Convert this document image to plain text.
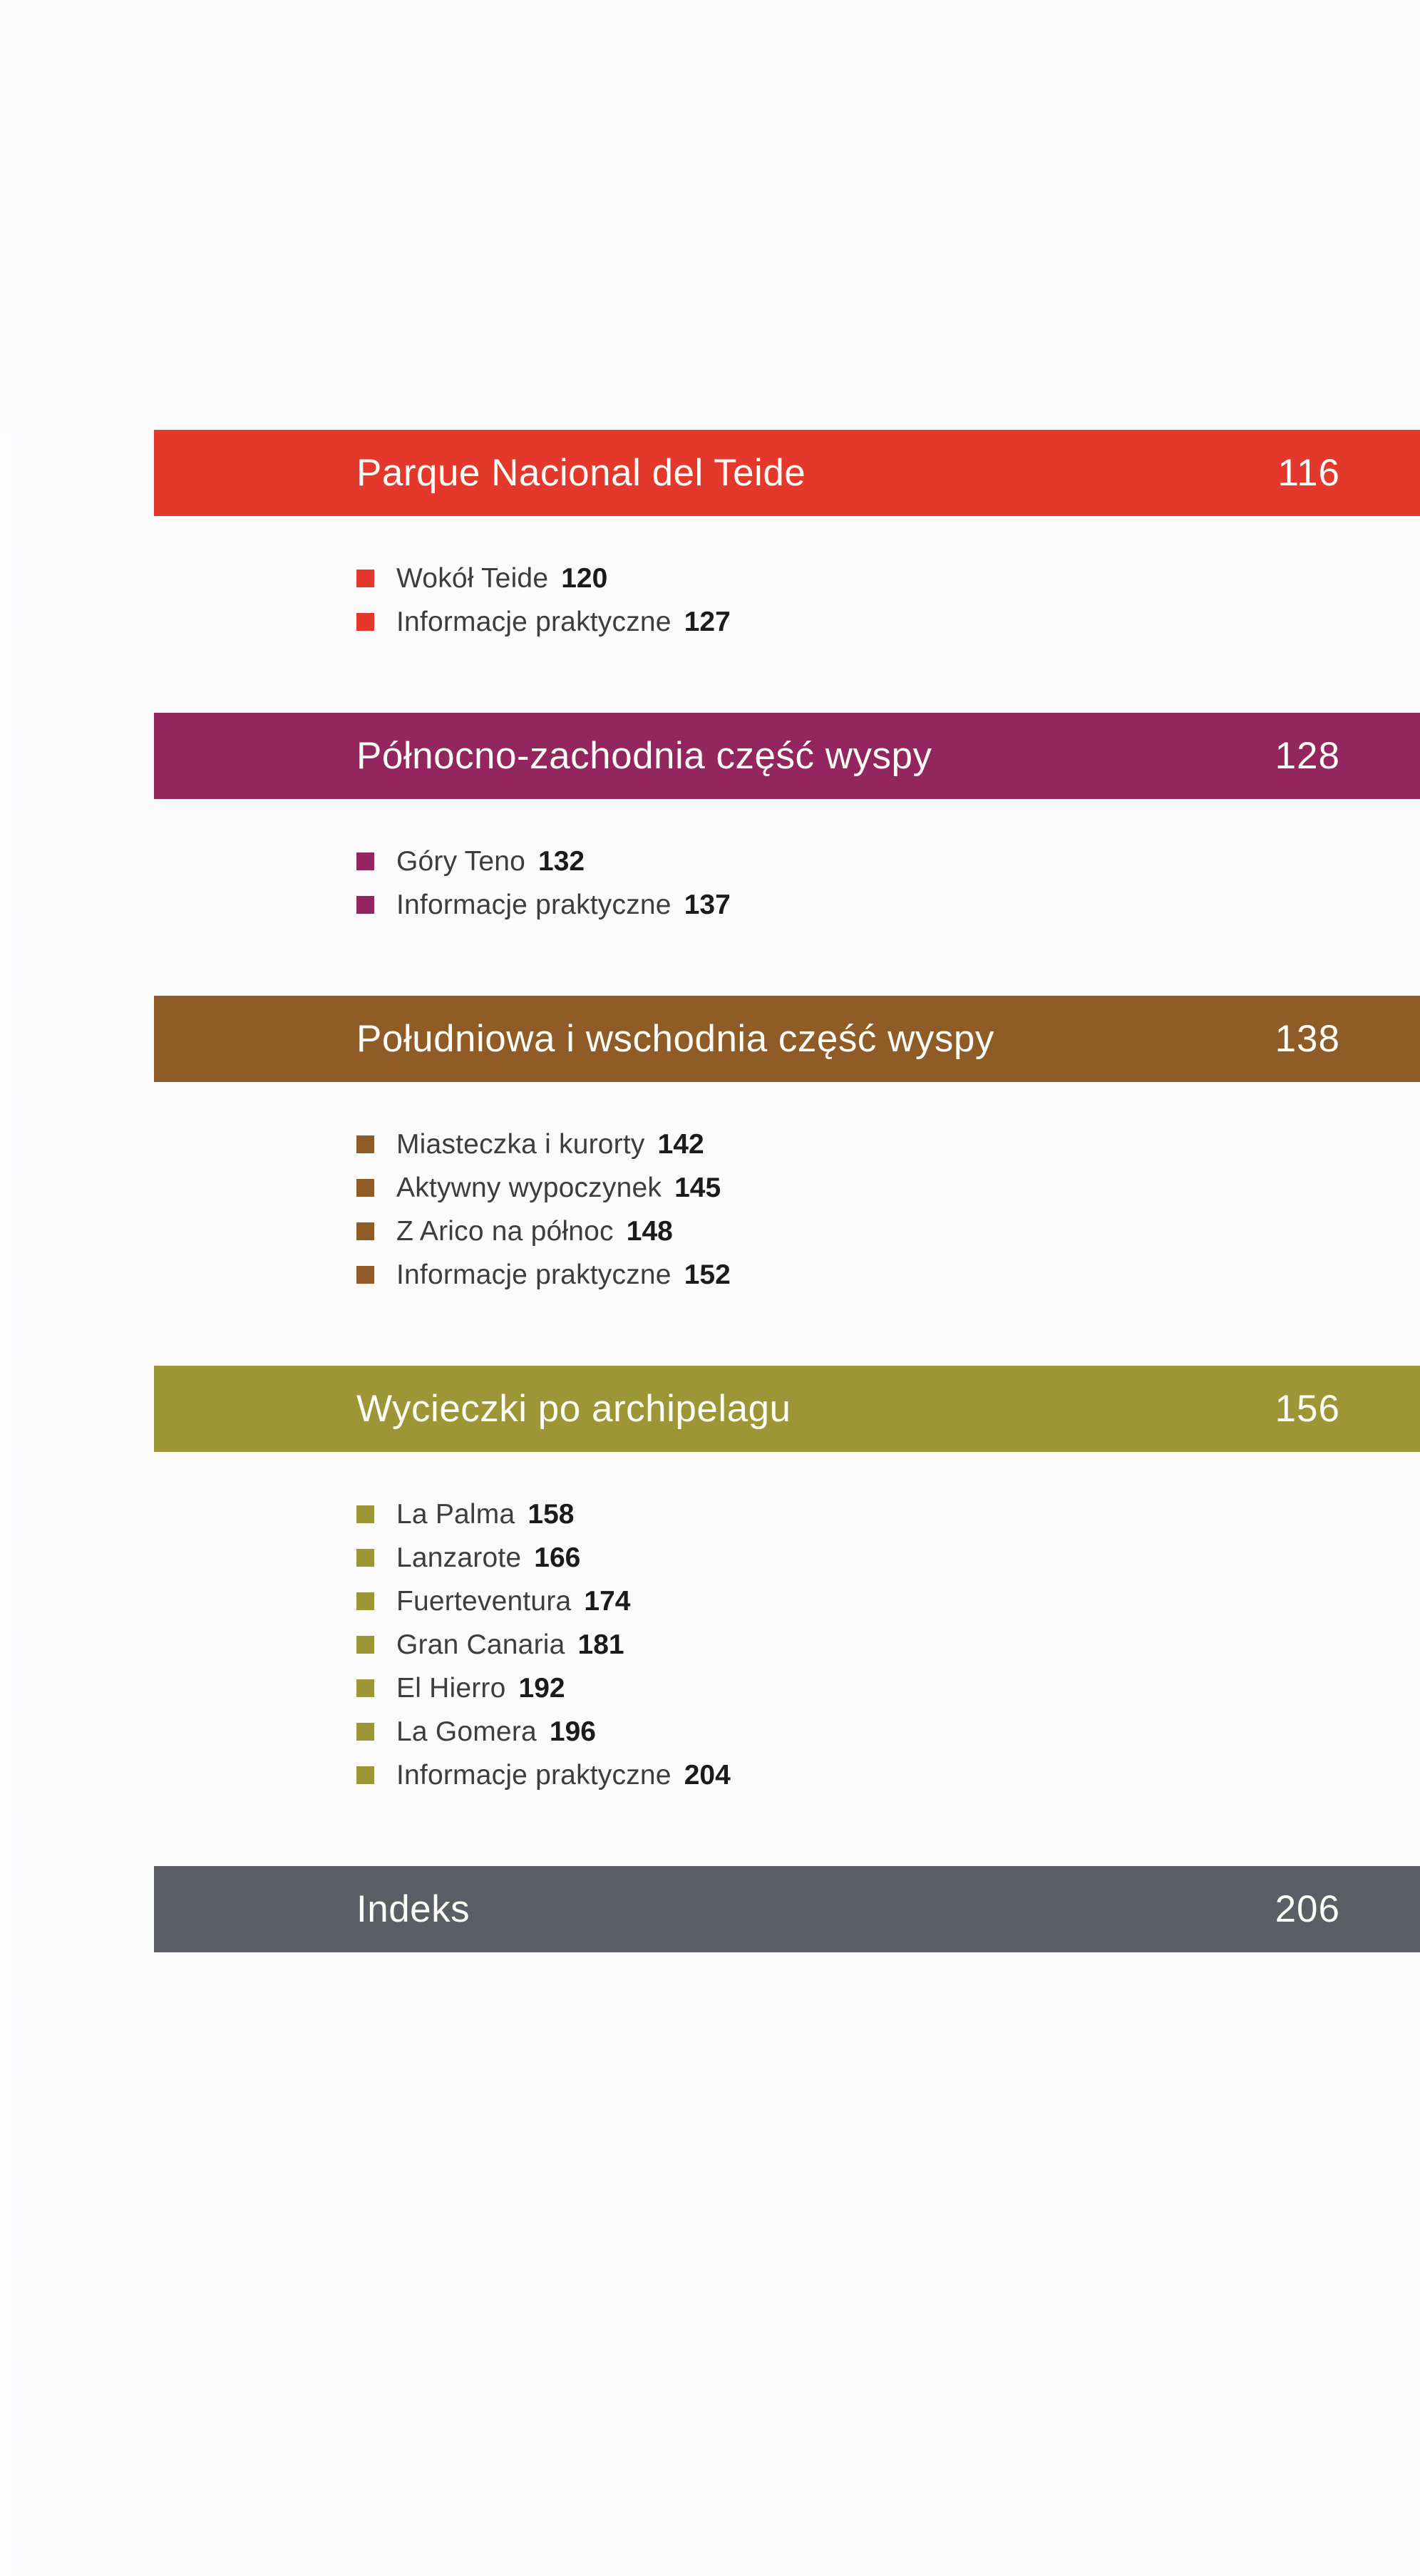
Parque Nacional del Teide	116
Wokół Teide 120
Informacje praktyczne 127
Północno-zachodnia część wyspy	128
Góry Teno 132
Informacje praktyczne 137
Południowa i wschodnia część wyspy	138
Miasteczka i kurorty 142
Aktywny wypoczynek 145
Z Arico na północ 148
Informacje praktyczne 152
Wycieczki po archipelagu	156
La Palma 158
Lanzarote 166
Fuerteventura 174
Gran Canaria 181
El Hierro 192
La Gomera 196
Informacje praktyczne 204
Indeks	206
